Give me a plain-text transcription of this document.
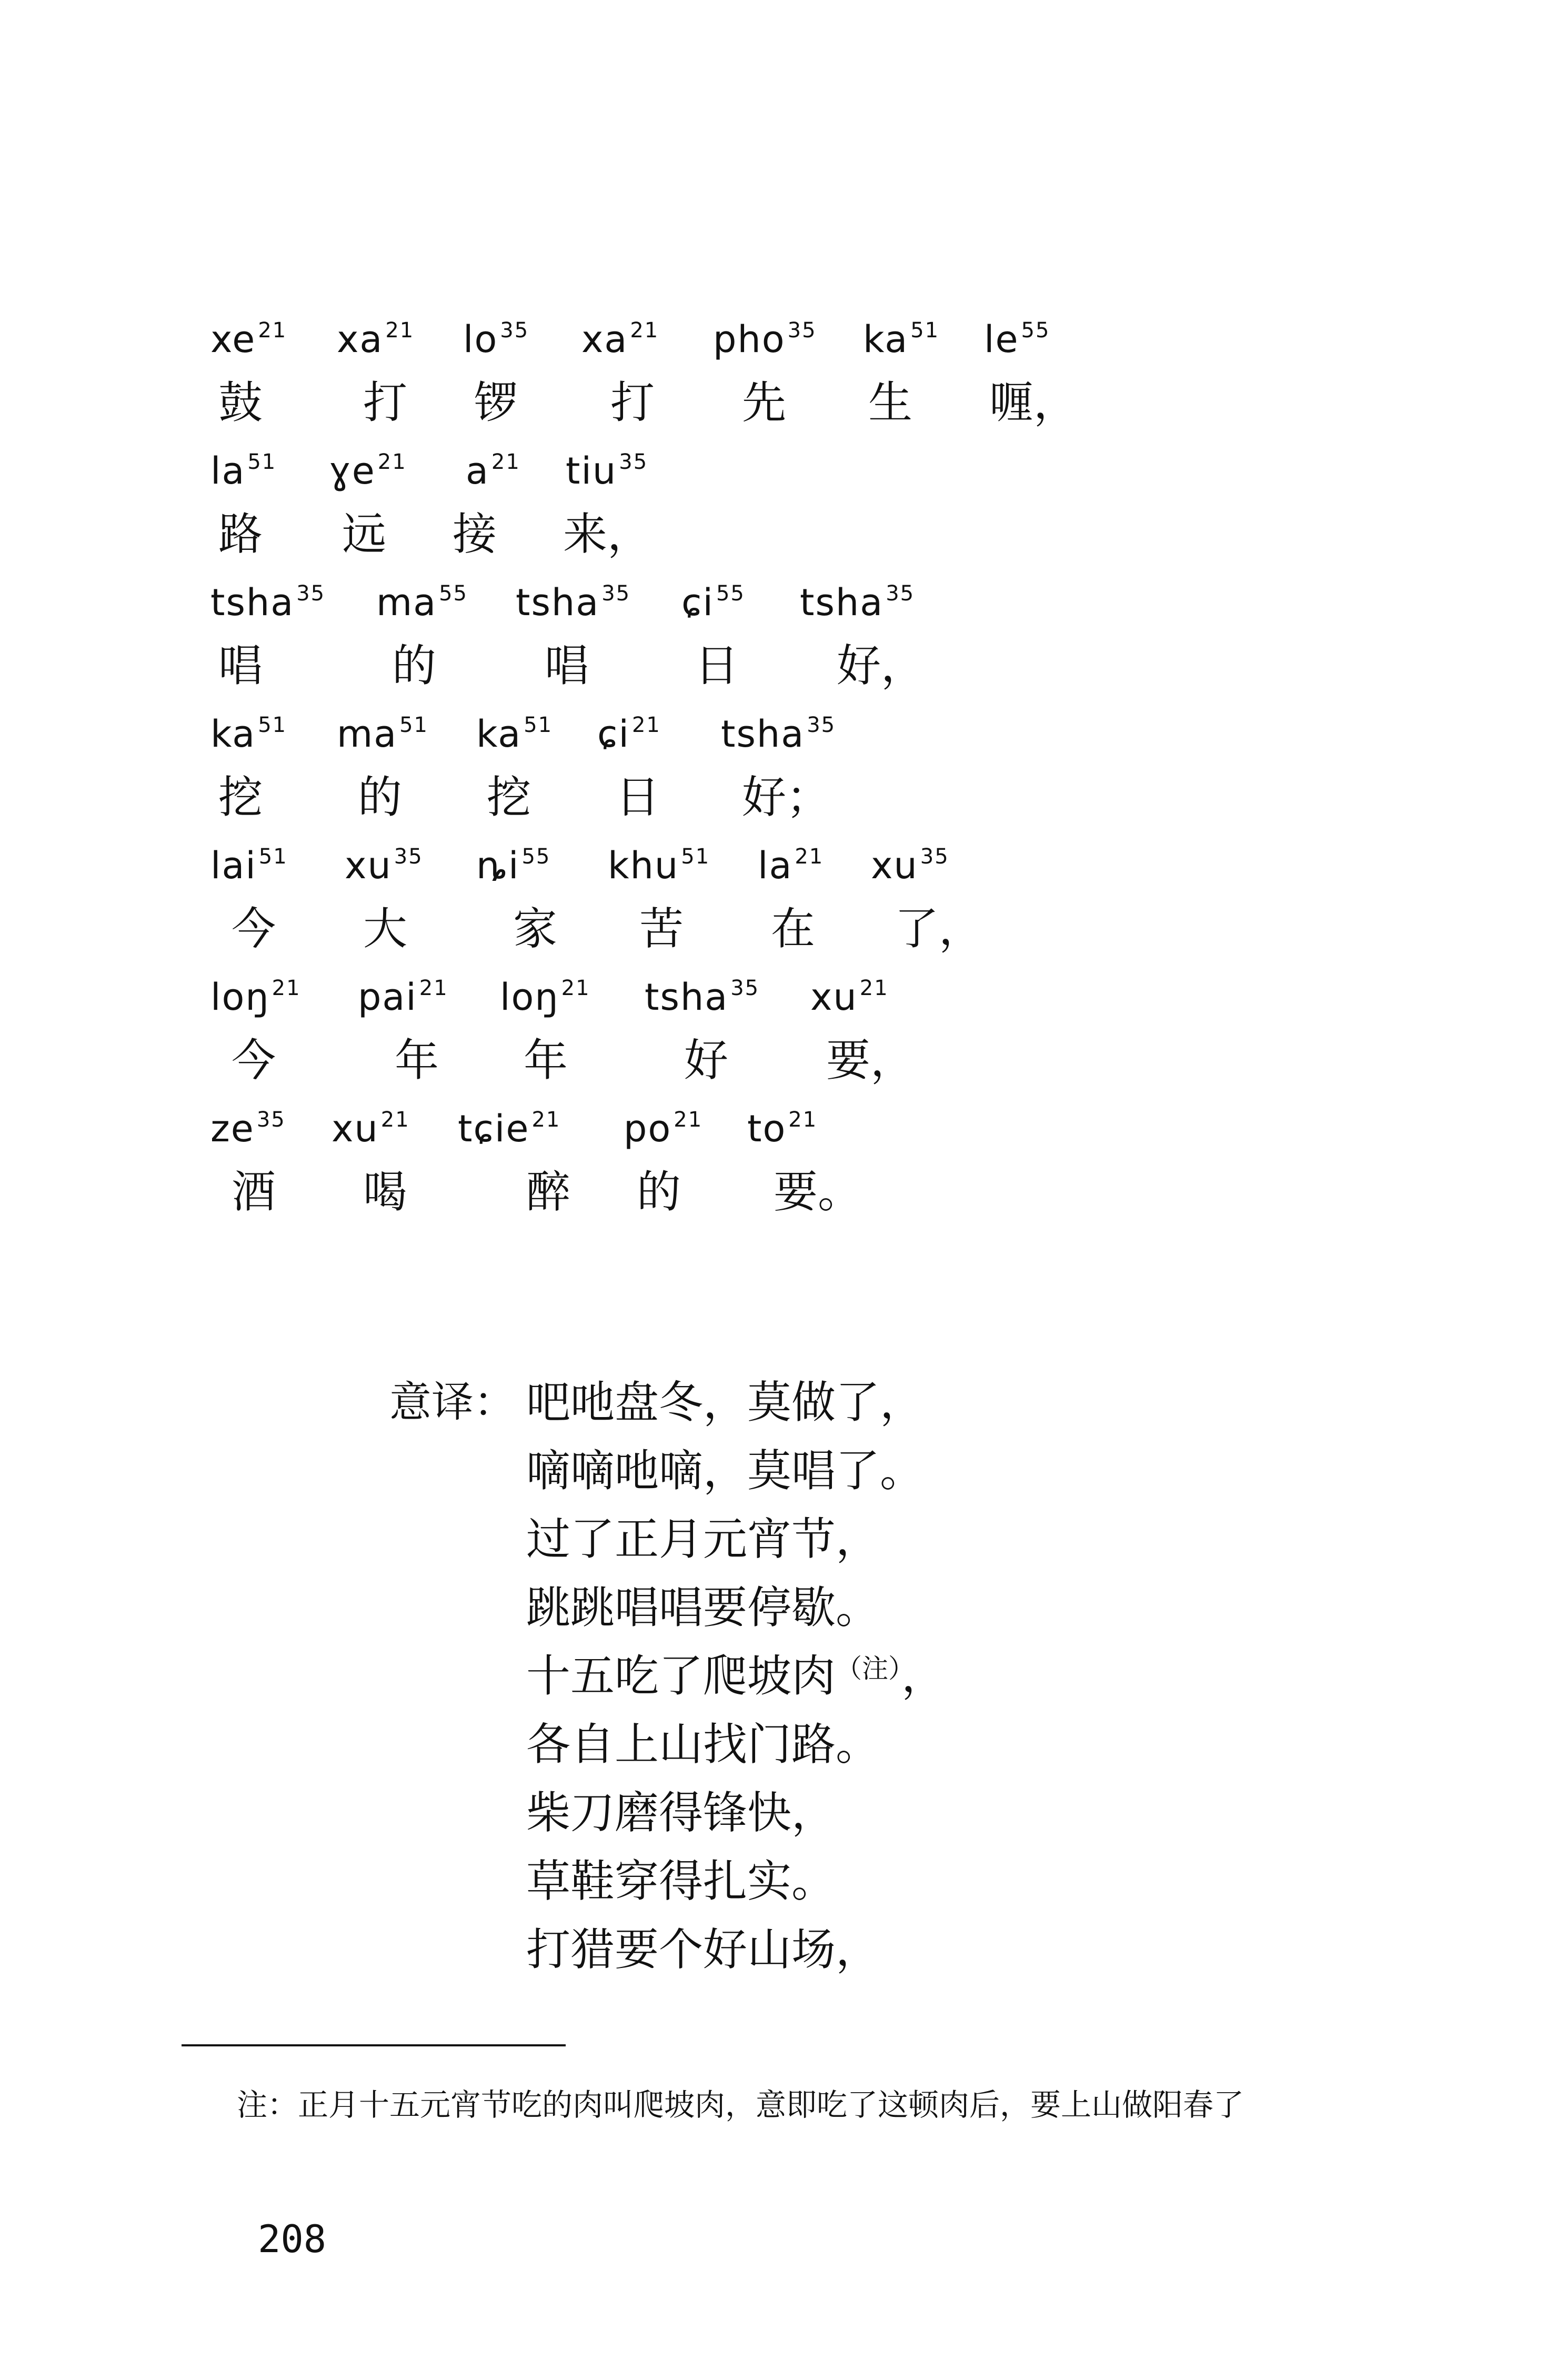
xe $^{21}$ xa $^{21}$ lo $^{35}$ xa $^{21}$ pho $^{35}$ ka $^{51}$ le $^{55}$
鼓 打 锣 打 先 生 喱，
la $^{51}$ ɣe $^{21}$ a $^{21}$ tiu $^{35}$
路 远 接 来，
tsha $^{35}$ ma $^{55}$ tsha $^{35}$ ɕi $^{55}$ tsha $^{35}$
唱	的 唱 日 好，
ka $^{51}$ ma $^{51}$ ka $^{51}$ ɕi $^{21}$ tsha $^{35}$
挖 的 挖 日 好；
lai $^{51}$ xu $^{35}$ ȵi $^{55}$ khu $^{51}$ la $^{21}$ xu $^{35}$
今 大 家 苦 在 了，
loŋ $^{21}$ pai $^{21}$ loŋ $^{21}$ tsha $^{35}$ xu $^{21}$
今	年 年	好 要，
ze $^{35}$ xu $^{21}$ tɕie $^{21}$ po $^{21}$ to $^{21}$
酒 喝	醉 的 要。
意译： 吧吔盘冬，莫做了，
嘀嘀吔嘀，莫唱了。
过了正月元宵节，
跳跳唱唱要停歇。
十五吃了爬坡肉$^{(注)}$，
各自上山找门路。
柴刀磨得锋快，
草鞋穿得扎实。
打猎要个好山场，
注：正月十五元宵节吃的肉叫爬坡肉，意即吃了这顿肉后，要上山做阳春了
208
